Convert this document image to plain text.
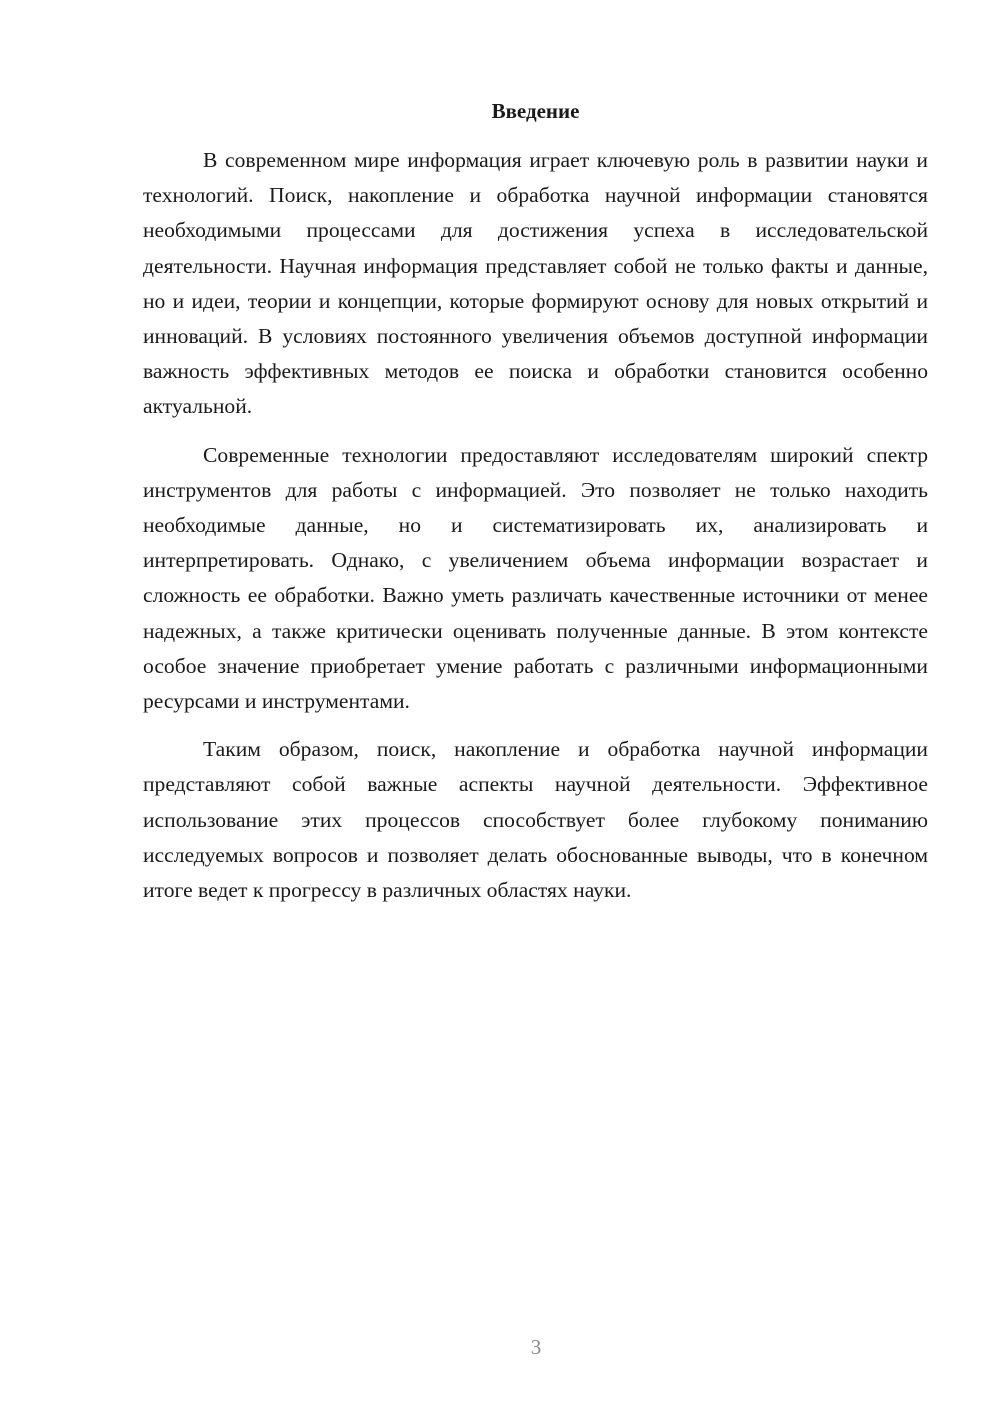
Введение

В современном мире информация играет ключевую роль в развитии науки и технологий. Поиск, накопление и обработка научной информации становятся необходимыми процессами для достижения успеха в исследовательской деятельности. Научная информация представляет собой не только факты и данные, но и идеи, теории и концепции, которые формируют основу для новых открытий и инноваций. В условиях постоянного увеличения объемов доступной информации важность эффективных методов ее поиска и обработки становится особенно актуальной.

Современные технологии предоставляют исследователям широкий спектр инструментов для работы с информацией. Это позволяет не только находить необходимые данные, но и систематизировать их, анализировать и интерпретировать. Однако, с увеличением объема информации возрастает и сложность ее обработки. Важно уметь различать качественные источники от менее надежных, а также критически оценивать полученные данные. В этом контексте особое значение приобретает умение работать с различными информационными ресурсами и инструментами.

Таким образом, поиск, накопление и обработка научной информации представляют собой важные аспекты научной деятельности. Эффективное использование этих процессов способствует более глубокому пониманию исследуемых вопросов и позволяет делать обоснованные выводы, что в конечном итоге ведет к прогрессу в различных областях науки.

3
